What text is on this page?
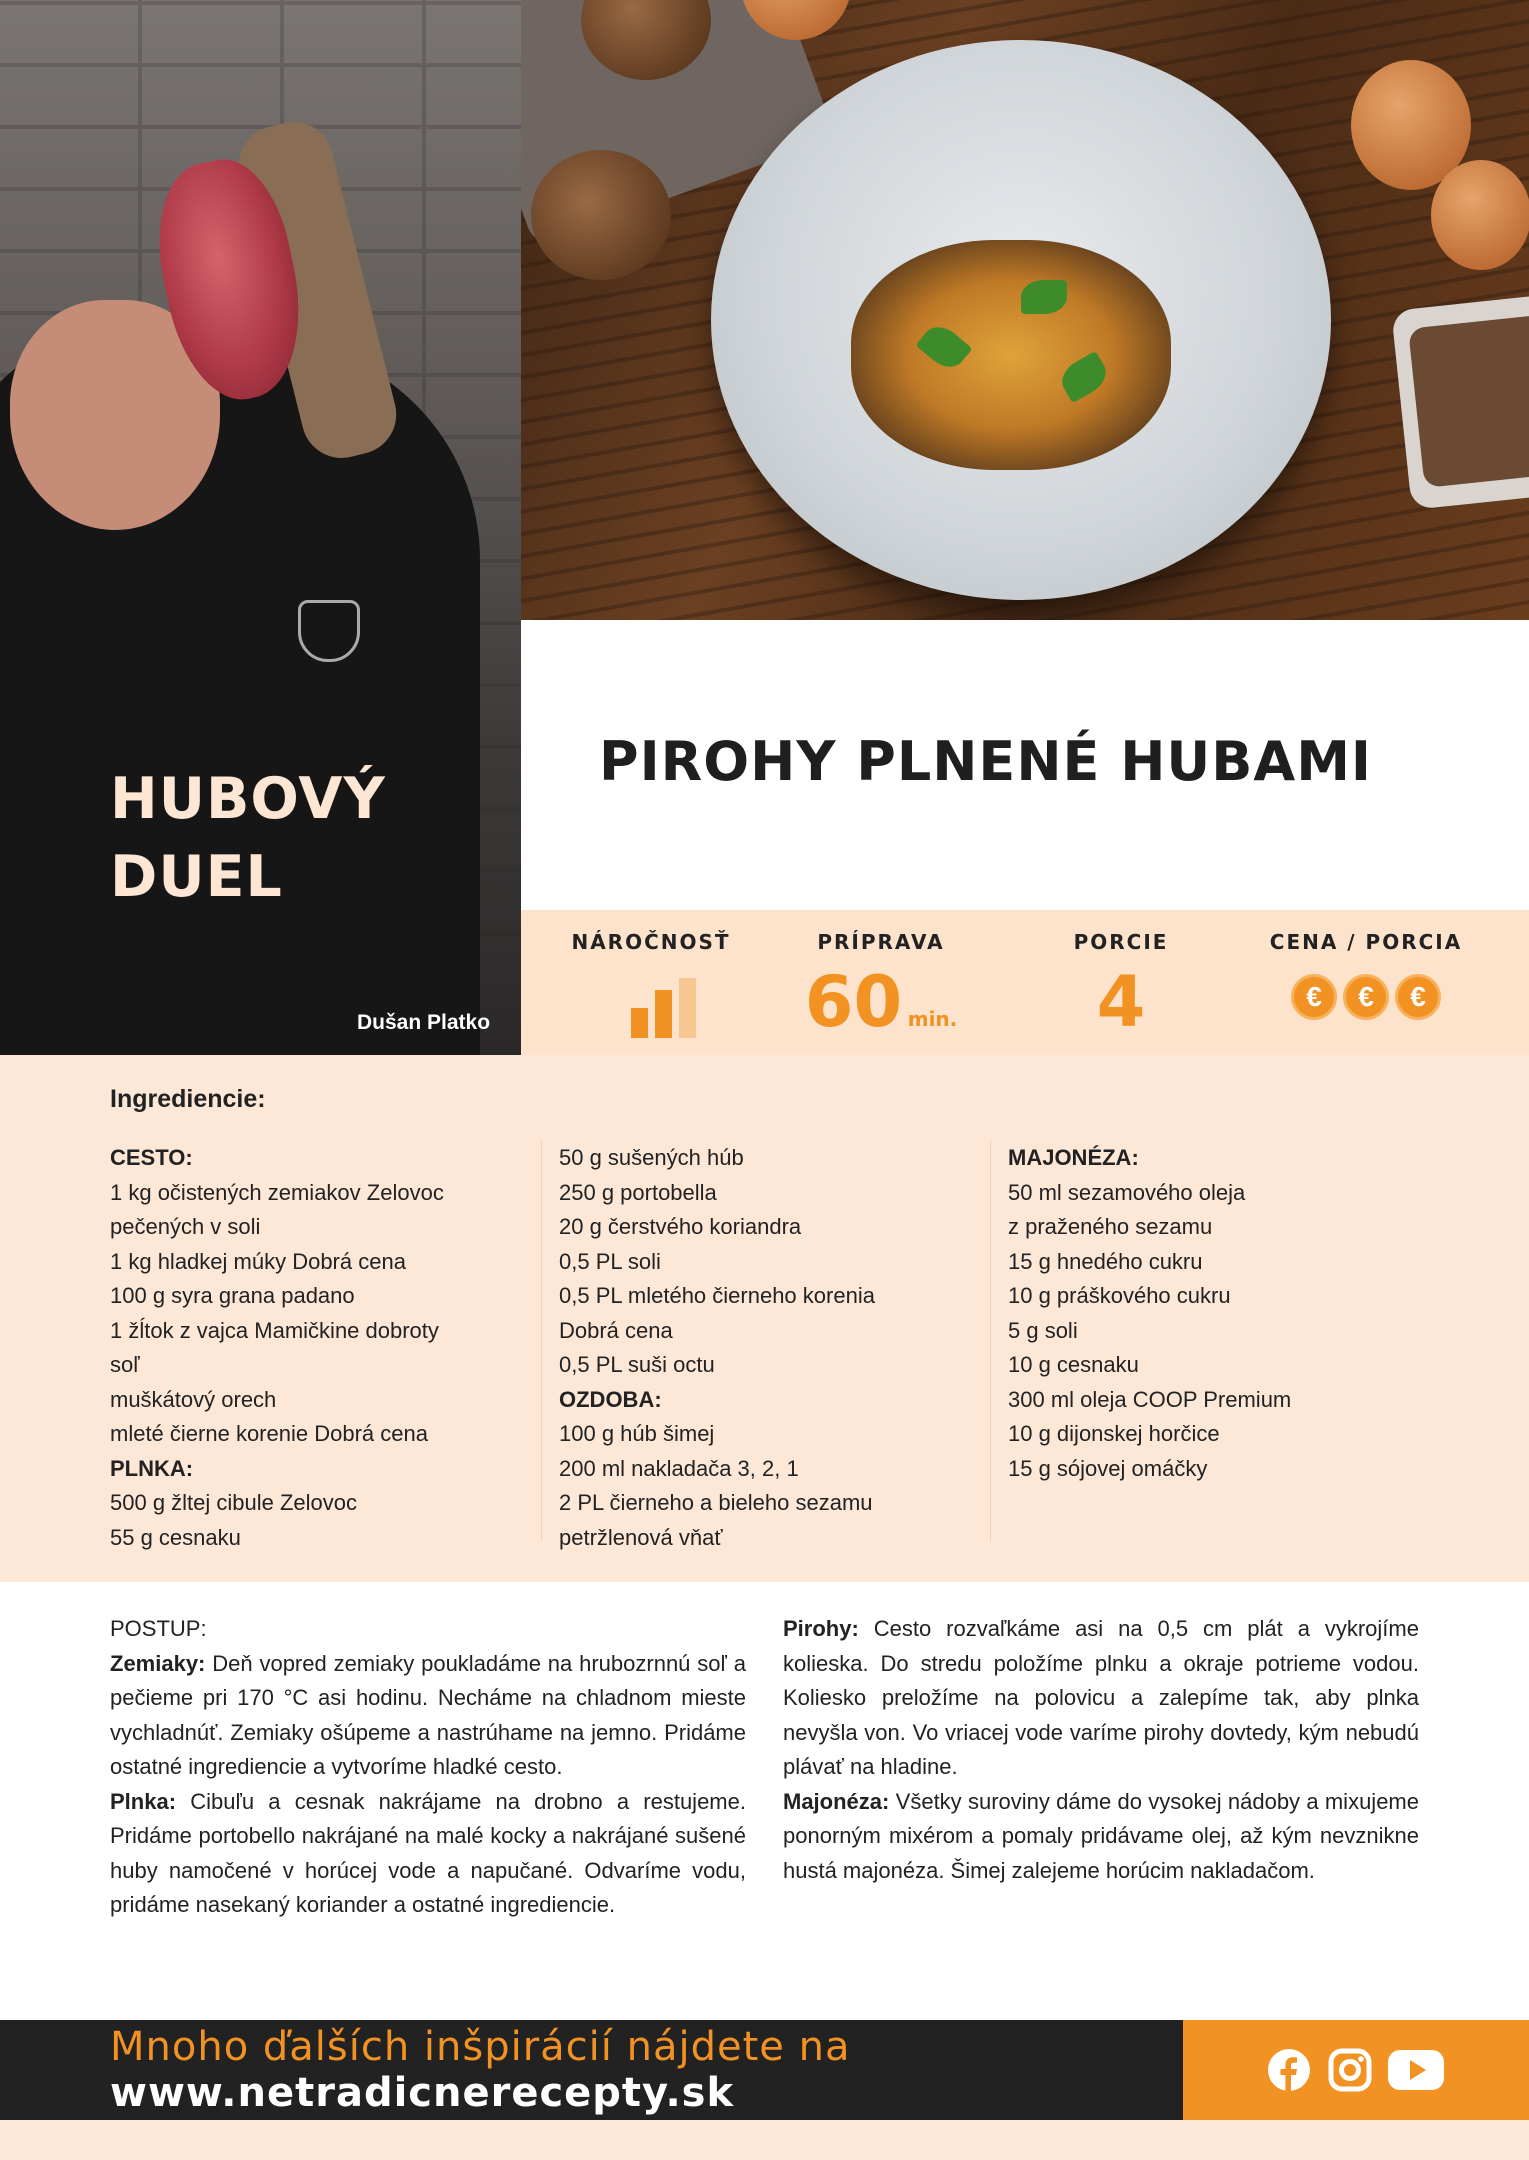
HUBOVÝ
DUEL
Dušan Platko
PIROHY PLNENÉ HUBAMI
NÁROČNOSŤ	PRÍPRAVA
60 min.
PORCIE
4
CENA / PORCIA
€ € €
Ingrediencie:
CESTO:
1 kg očistených zemiakov Zelovoc
pečených v soli
1 kg hladkej múky Dobrá cena
100 g syra grana padano
1 žĺtok z vajca Mamičkine dobroty
soľ
muškátový orech
mleté čierne korenie Dobrá cena
PLNKA:
500 g žltej cibule Zelovoc
55 g cesnaku
50 g sušených húb
250 g portobella
20 g čerstvého koriandra
0,5 PL soli
0,5 PL mletého čierneho korenia
Dobrá cena
0,5 PL suši octu
OZDOBA:
100 g húb šimej
200 ml nakladača 3, 2, 1
2 PL čierneho a bieleho sezamu
petržlenová vňať
MAJONÉZA:
50 ml sezamového oleja
z praženého sezamu
15 g hnedého cukru
10 g práškového cukru
5 g soli
10 g cesnaku
300 ml oleja COOP Premium
10 g dijonskej horčice
15 g sójovej omáčky

POSTUP:

Zemiaky: Deň vopred zemiaky poukladáme na hrubozrnnú soľ a pečieme pri 170 °C asi hodinu. Necháme na chladnom mieste vychladnúť. Zemiaky ošúpeme a nastrúhame na jemno. Pridáme ostatné ingrediencie a vytvoríme hladké cesto.

Plnka: Cibuľu a cesnak nakrájame na drobno a restujeme. Pridáme portobello nakrájané na malé kocky a nakrájané sušené huby namočené v horúcej vode a napučané. Odvaríme vodu, pridáme nasekaný koriander a ostatné ingrediencie.

Pirohy: Cesto rozvaľkáme asi na 0,5 cm plát a vykrojíme kolieska. Do stredu položíme plnku a okraje potrieme vodou. Koliesko preložíme na polovicu a zalepíme tak, aby plnka nevyšla von. Vo vriacej vode varíme pirohy dovtedy, kým nebudú plávať na hladine.

Majonéza: Všetky suroviny dáme do vysokej nádoby a mixujeme ponorným mixérom a pomaly pridávame olej, až kým nevznikne hustá majonéza. Šimej zalejeme horúcim nakladačom.

Mnoho ďalších inšpirácií nájdete na
www.netradicnerecepty.sk
